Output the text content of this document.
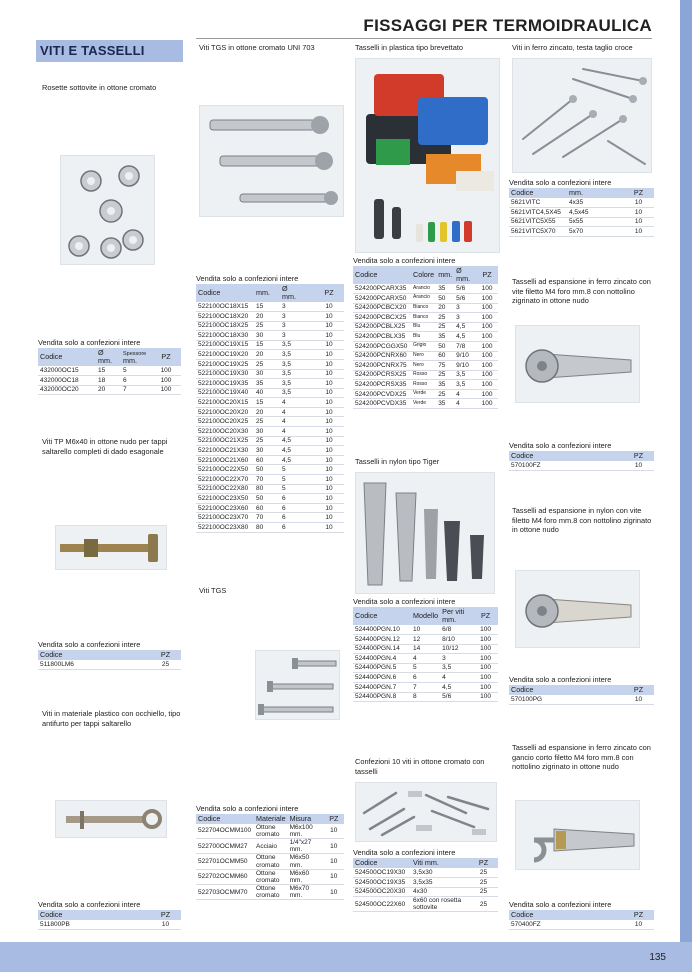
FISSAGGI PER TERMOIDRAULICA
VITI E TASSELLI
135
Rosette sottovite in ottone cromato
Vendita solo a confezioni intere
Codice	Ø
mm.	Spessore
mm.	PZ
432000OC15	15	5	100
432000OC18	18	6	100
432000OC20	20	7	100
Viti TP M6x40 in ottone nudo per tappi saltarello completi di dado esagonale
Vendita solo a confezioni intere
Codice	PZ
511800LM6	25
Viti in materiale plastico con occhiello, tipo antifurto per tappi saltarello
Vendita solo a confezioni intere
Codice	PZ
511800PB	10
Viti TGS in ottone cromato UNI 703
Vendita solo a confezioni intere
Codice	mm.	Ø
mm.	PZ
522100OC18X15	15	3	10
522100OC18X20	20	3	10
522100OC18X25	25	3	10
522100OC18X30	30	3	10
522100OC19X15	15	3,5	10
522100OC19X20	20	3,5	10
522100OC19X25	25	3,5	10
522100OC19X30	30	3,5	10
522100OC19X35	35	3,5	10
522100OC19X40	40	3,5	10
522100OC20X15	15	4	10
522100OC20X20	20	4	10
522100OC20X25	25	4	10
522100OC20X30	30	4	10
522100OC21X25	25	4,5	10
522100OC21X30	30	4,5	10
522100OC21X60	60	4,5	10
522100OC22X50	50	5	10
522100OC22X70	70	5	10
522100OC22X80	80	5	10
522100OC23X50	50	6	10
522100OC23X60	60	6	10
522100OC23X70	70	6	10
522100OC23X80	80	6	10
Viti TGS
Vendita solo a confezioni intere
Codice	Materiale	Misura	PZ
522704OCMM100	Ottone cromato	M6x100 mm.	10
522700OCMM27	Acciaio	1/4"x27 mm.	10
522701OCMM50	Ottone cromato	M6x50 mm.	10
522702OCMM60	Ottone cromato	M6x60 mm.	10
522703OCMM70	Ottone cromato	M6x70 mm.	10
Tasselli in plastica tipo brevettato
Vendita solo a confezioni intere
Codice	Colore	mm.	Ø
mm.	PZ
524200PCARX35	Arancio	35	5/6	100
524200PCARX50	Arancio	50	5/6	100
524200PCBCX20	Bianco	20	3	100
524200PCBCX25	Bianco	25	3	100
524200PCBLX25	Blu	25	4,5	100
524200PCBLX35	Blu	35	4,5	100
524200PCGGX50	Grigio	50	7/8	100
524200PCNRX60	Nero	60	9/10	100
524200PCNRX75	Nero	75	9/10	100
524200PCRSX25	Rosso	25	3,5	100
524200PCRSX35	Rosso	35	3,5	100
524200PCVDX25	Verde	25	4	100
524200PCVDX35	Verde	35	4	100
Tasselli in nylon tipo Tiger
Vendita solo a confezioni intere
Codice	Modello	Per viti
mm.	PZ
524400PGN.10	10	6/8	100
524400PGN.12	12	8/10	100
524400PGN.14	14	10/12	100
524400PGN.4	4	3	100
524400PGN.5	5	3,5	100
524400PGN.6	6	4	100
524400PGN.7	7	4,5	100
524400PGN.8	8	5/6	100
Confezioni 10 viti in ottone cromato con tasselli
Vendita solo a confezioni intere
Codice	Viti mm.	PZ
524500OC19X30	3,5x30	25
524500OC19X35	3,5x35	25
524500OC20X30	4x30	25
524500OC22X60	6x60 con rosetta sottovite	25
Viti in ferro zincato, testa taglio croce
Vendita solo a confezioni intere
Codice	mm.	PZ
5621VITC	4x35	10
5621VITC4,5X45	4,5x45	10
5621VITC5X55	5x55	10
5621VITC5X70	5x70	10
Tasselli ad espansione in ferro zincato con vite filetto M4 foro mm.8 con nottolino zigrinato in ottone nudo
Vendita solo a confezioni intere
Codice	PZ
570100FZ	10
Tasselli ad espansione in nylon con vite filetto M4 foro mm.8 con nottolino zigrinato in ottone nudo
Vendita solo a confezioni intere
Codice	PZ
570100PG	10
Tasselli ad espansione in ferro zincato con gancio corto filetto M4 foro mm.8 con nottolino zigrinato in ottone nudo
Vendita solo a confezioni intere
Codice	PZ
570400FZ	10
